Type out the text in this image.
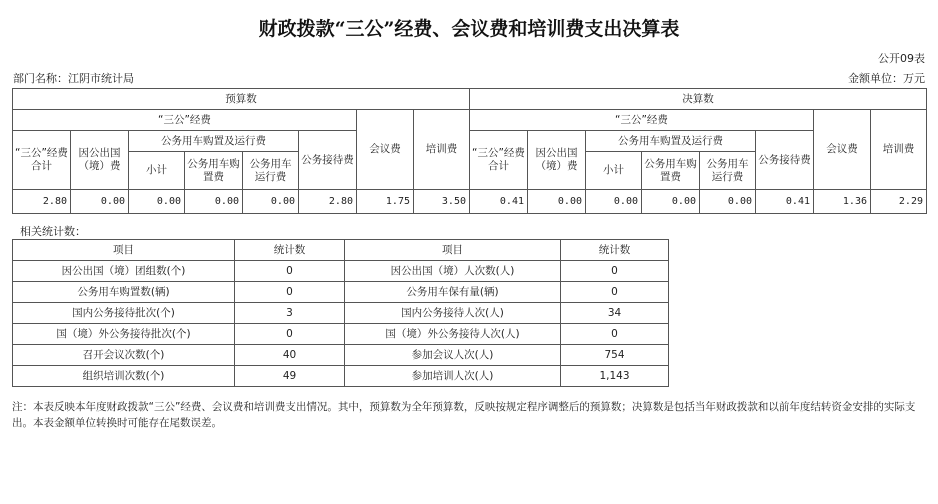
财政拨款“三公”经费、会议费和培训费支出决算表
公开09表
部门名称：江阴市统计局	金额单位：万元
预算数								决算数							
“三公”经费						会议费	培训费	“三公”经费						会议费	培训费
“三公”经费合计	因公出国（境）费	公务用车购置及运行费			公务接待费			“三公”经费合计	因公出国（境）费	公务用车购置及运行费			公务接待费		
		小计	公务用车购置费	公务用车运行费						小计	公务用车购置费	公务用车运行费			
2.80	0.00	0.00	0.00	0.00	2.80	1.75	3.50	0.41	0.00	0.00	0.00	0.00	0.41	1.36	2.29
相关统计数：
项目	统计数	项目	统计数
因公出国（境）团组数(个)	0	因公出国（境）人次数(人)	0
公务用车购置数(辆)	0	公务用车保有量(辆)	0
国内公务接待批次(个)	3	国内公务接待人次(人)	34
国（境）外公务接待批次(个)	0	国（境）外公务接待人次(人)	0
召开会议次数(个)	40	参加会议人次(人)	754
组织培训次数(个)	49	参加培训人次(人)	1,143
注：本表反映本年度财政拨款“三公”经费、会议费和培训费支出情况。其中，预算数为全年预算数，反映按规定程序调整后的预算数；决算数是包括当年财政拨款和以前年度结转资金安排的实际支出。本表金额单位转换时可能存在尾数误差。
